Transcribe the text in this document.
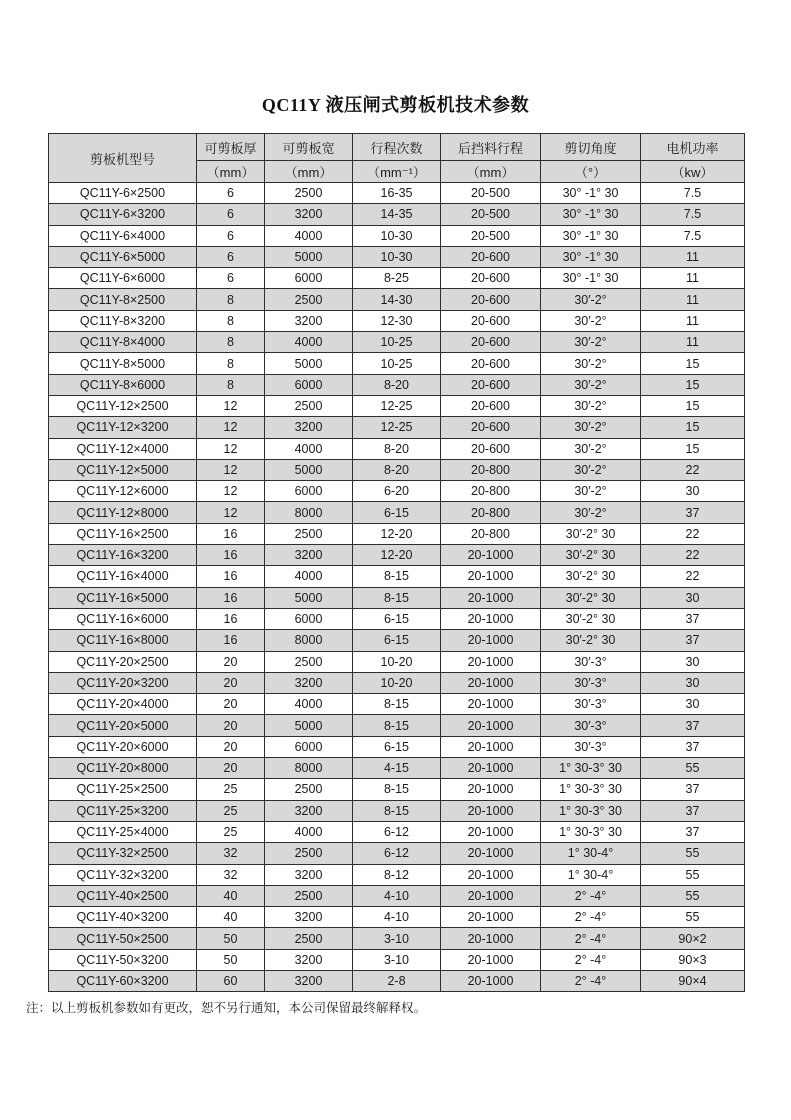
QC11Y 液压闸式剪板机技术参数
剪板机型号	可剪板厚	可剪板宽	行程次数	后挡料行程	剪切角度	电机功率
	（mm）	（mm）	（mm⁻¹）	（mm）	（°）	（kw）
QC11Y-6×2500	6	2500	16-35	20-500	30° -1° 30	7.5
QC11Y-6×3200	6	3200	14-35	20-500	30° -1° 30	7.5
QC11Y-6×4000	6	4000	10-30	20-500	30° -1° 30	7.5
QC11Y-6×5000	6	5000	10-30	20-600	30° -1° 30	11
QC11Y-6×6000	6	6000	8-25	20-600	30° -1° 30	11
QC11Y-8×2500	8	2500	14-30	20-600	30′-2°	11
QC11Y-8×3200	8	3200	12-30	20-600	30′-2°	11
QC11Y-8×4000	8	4000	10-25	20-600	30′-2°	11
QC11Y-8×5000	8	5000	10-25	20-600	30′-2°	15
QC11Y-8×6000	8	6000	8-20	20-600	30′-2°	15
QC11Y-12×2500	12	2500	12-25	20-600	30′-2°	15
QC11Y-12×3200	12	3200	12-25	20-600	30′-2°	15
QC11Y-12×4000	12	4000	8-20	20-600	30′-2°	15
QC11Y-12×5000	12	5000	8-20	20-800	30′-2°	22
QC11Y-12×6000	12	6000	6-20	20-800	30′-2°	30
QC11Y-12×8000	12	8000	6-15	20-800	30′-2°	37
QC11Y-16×2500	16	2500	12-20	20-800	30′-2° 30	22
QC11Y-16×3200	16	3200	12-20	20-1000	30′-2° 30	22
QC11Y-16×4000	16	4000	8-15	20-1000	30′-2° 30	22
QC11Y-16×5000	16	5000	8-15	20-1000	30′-2° 30	30
QC11Y-16×6000	16	6000	6-15	20-1000	30′-2° 30	37
QC11Y-16×8000	16	8000	6-15	20-1000	30′-2° 30	37
QC11Y-20×2500	20	2500	10-20	20-1000	30′-3°	30
QC11Y-20×3200	20	3200	10-20	20-1000	30′-3°	30
QC11Y-20×4000	20	4000	8-15	20-1000	30′-3°	30
QC11Y-20×5000	20	5000	8-15	20-1000	30′-3°	37
QC11Y-20×6000	20	6000	6-15	20-1000	30′-3°	37
QC11Y-20×8000	20	8000	4-15	20-1000	1° 30-3° 30	55
QC11Y-25×2500	25	2500	8-15	20-1000	1° 30-3° 30	37
QC11Y-25×3200	25	3200	8-15	20-1000	1° 30-3° 30	37
QC11Y-25×4000	25	4000	6-12	20-1000	1° 30-3° 30	37
QC11Y-32×2500	32	2500	6-12	20-1000	1° 30-4°	55
QC11Y-32×3200	32	3200	8-12	20-1000	1° 30-4°	55
QC11Y-40×2500	40	2500	4-10	20-1000	2° -4°	55
QC11Y-40×3200	40	3200	4-10	20-1000	2° -4°	55
QC11Y-50×2500	50	2500	3-10	20-1000	2° -4°	90×2
QC11Y-50×3200	50	3200	3-10	20-1000	2° -4°	90×3
QC11Y-60×3200	60	3200	2-8	20-1000	2° -4°	90×4
注：以上剪板机参数如有更改，恕不另行通知，本公司保留最终解释权。
